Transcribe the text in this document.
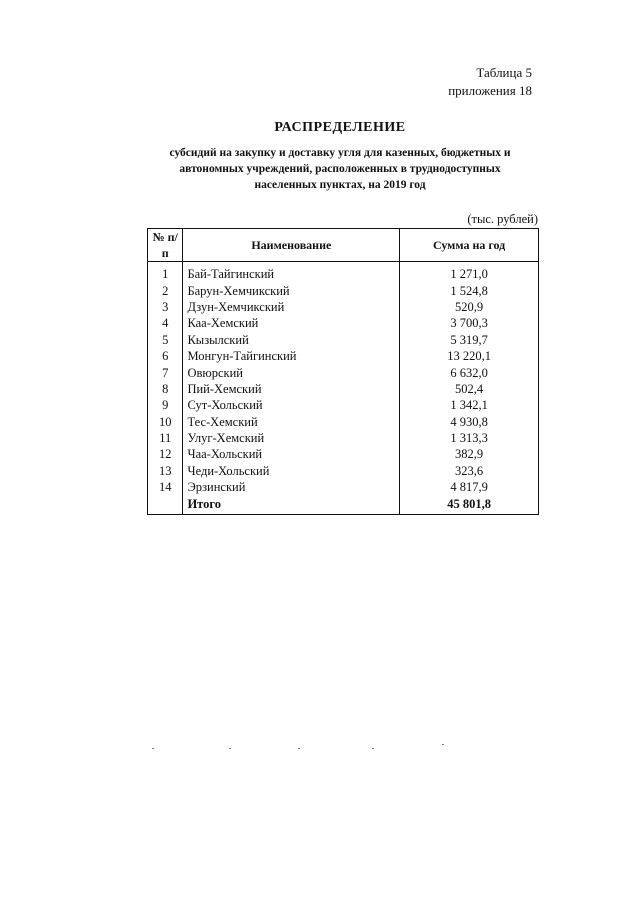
Таблица 5
приложения 18
РАСПРЕДЕЛЕНИЕ
субсидий на закупку и доставку угля для казенных, бюджетных и
автономных учреждений, расположенных в труднодоступных
населенных пунктах, на 2019 год
(тыс. рублей)
№ п/п	Наименование	Сумма на год
1	Бай-Тайгинский	1 271,0
2	Барун-Хемчикский	1 524,8
3	Дзун-Хемчикский	520,9
4	Каа-Хемский	3 700,3
5	Кызылский	5 319,7
6	Монгун-Тайгинский	13 220,1
7	Овюрский	6 632,0
8	Пий-Хемский	502,4
9	Сут-Хольский	1 342,1
10	Тес-Хемский	4 930,8
11	Улуг-Хемский	1 313,3
12	Чаа-Хольский	382,9
13	Чеди-Хольский	323,6
14	Эрзинский	4 817,9
	Итого	45 801,8
